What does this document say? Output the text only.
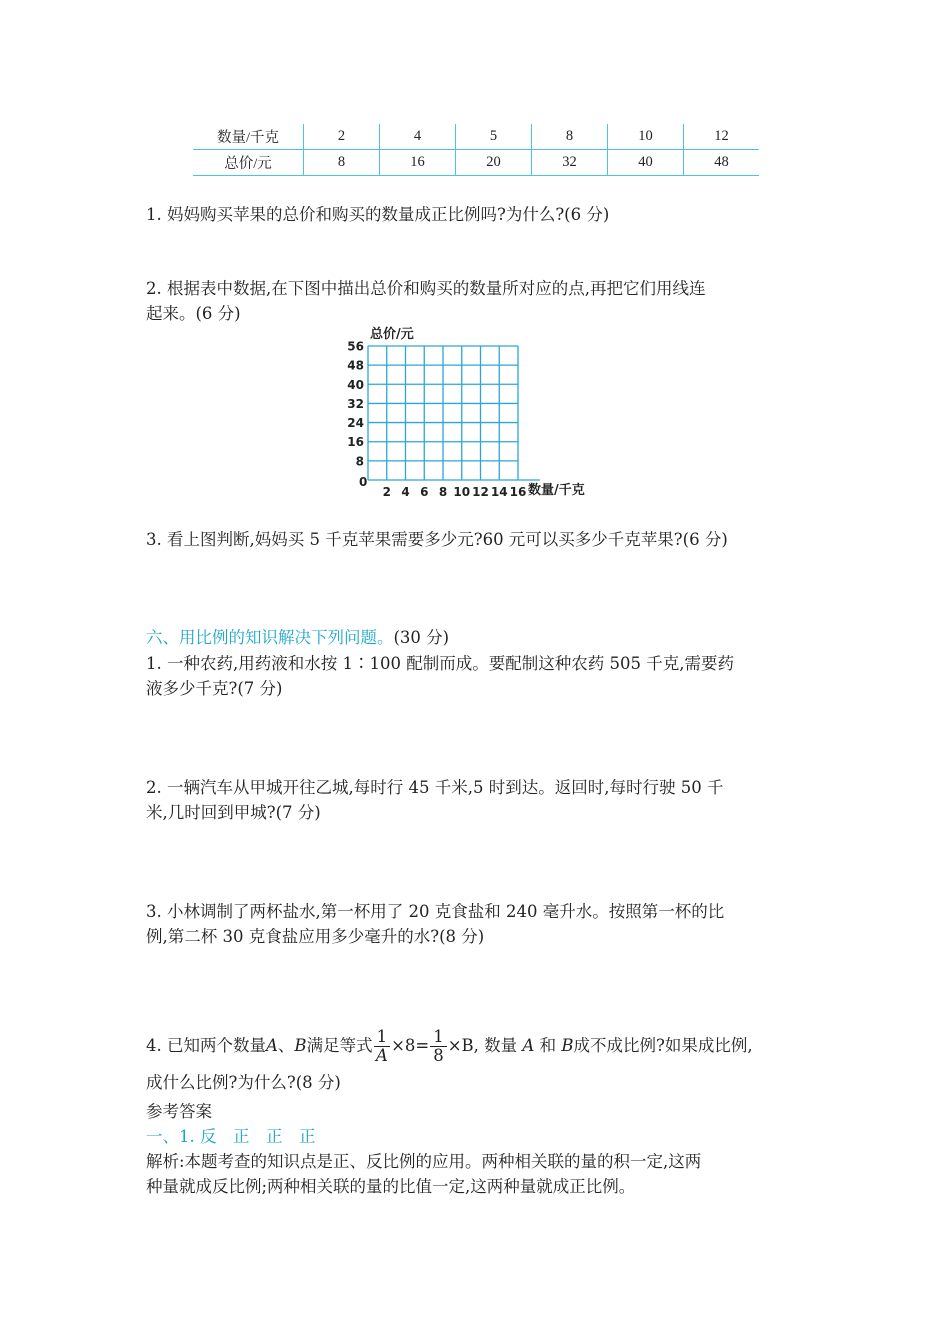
数量/千克	2	4	5	8	10	12
总价/元	8	16	20	32	40	48
1. 妈妈购买苹果的总价和购买的数量成正比例吗?为什么?(6 分)
2. 根据表中数据,在下图中描出总价和购买的数量所对应的点,再把它们用线连
起来。(6 分)
总价/元
数量/千克
0
8
16
24
32
40
48
56
2 4 6 8 10 12 14 16
3. 看上图判断,妈妈买 5 千克苹果需要多少元?60 元可以买多少千克苹果?(6 分)
六、用比例的知识解决下列问题。(30 分)
1. 一种农药,用药液和水按 1∶100 配制而成。要配制这种农药 505 千克,需要药
液多少千克?(7 分)
2. 一辆汽车从甲城开往乙城,每时行 45 千米,5 时到达。返回时,每时行驶 50 千
米,几时回到甲城?(7 分)
3. 小林调制了两杯盐水,第一杯用了 20 克食盐和 240 毫升水。按照第一杯的比
例,第二杯 30 克食盐应用多少毫升的水?(8 分)
4. 已知两个数量A、B满足等式 $\frac{1}{A} \times 8= \frac{1}{8} \times B$, 数量 A 和 B成不成比例?如果成比例,
成什么比例?为什么?(8 分)
参考答案
一、1. 反　正　正　正
解析:本题考查的知识点是正、反比例的应用。两种相关联的量的积一定,这两
种量就成反比例;两种相关联的量的比值一定,这两种量就成正比例。
